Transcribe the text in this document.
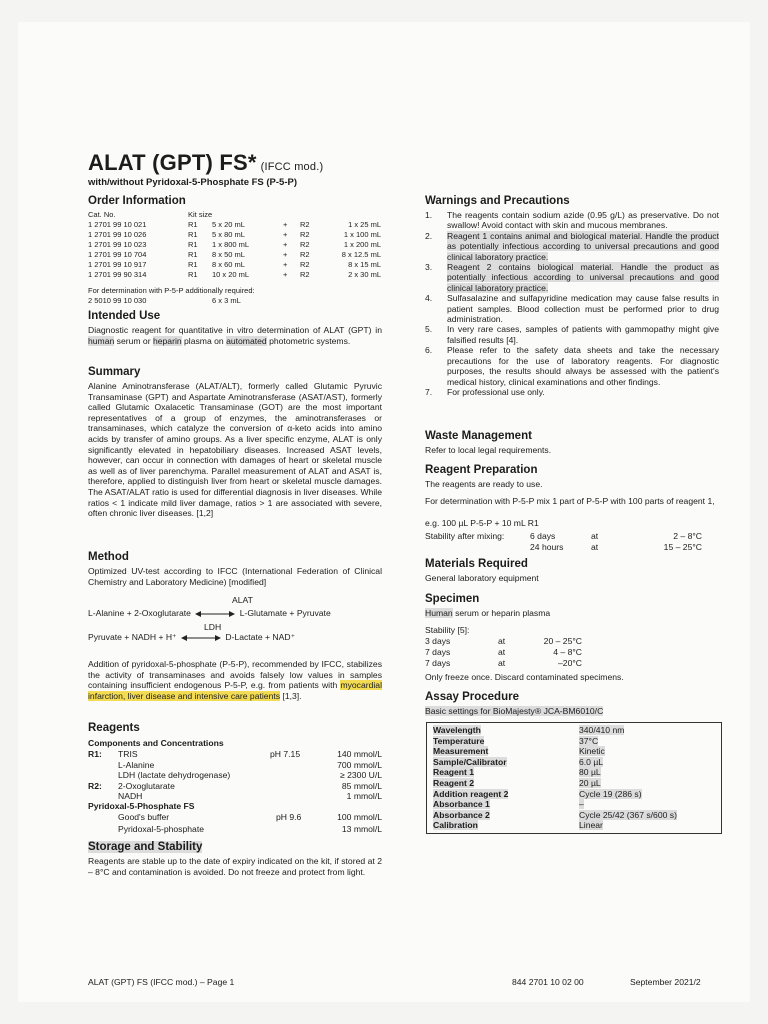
ALAT (GPT) FS* (IFCC mod.)
with/without Pyridoxal-5-Phosphate FS (P-5-P)
Order Information
Cat. No.	Kit size
1 2701 99 10 021	R1 5 x 20 mL	+ R2	1 x 25 mL
1 2701 99 10 026	R1 5 x 80 mL	+ R2	1 x 100 mL
1 2701 99 10 023	R1 1 x 800 mL	+ R2	1 x 200 mL
1 2701 99 10 704	R1 8 x 50 mL	+ R2	8 x 12.5 mL
1 2701 99 10 917	R1 8 x 60 mL	+ R2	8 x 15 mL
1 2701 99 90 314	R1 10 x 20 mL	+ R2	2 x 30 mL
For determination with P-5-P additionally required:
2 5010 99 10 030	6 x 3 mL
Intended Use
Diagnostic reagent for quantitative in vitro determination of ALAT (GPT) in human serum or heparin plasma on automated photometric systems.
Summary
Alanine Aminotransferase (ALAT/ALT), formerly called Glutamic Pyruvic Transaminase (GPT) and Aspartate Aminotransferase (ASAT/AST), formerly called Glutamic Oxalacetic Transaminase (GOT) are the most important representatives of a group of enzymes, the aminotransferases or transaminases, which catalyze the conversion of α-keto acids into amino acids by transfer of amino groups. As a liver specific enzyme, ALAT is only significantly elevated in hepatobiliary diseases. Increased ASAT levels, however, can occur in connection with damages of heart or skeletal muscle as well as of liver parenchyma. Parallel measurement of ALAT and ASAT is, therefore, applied to distinguish liver from heart or skeletal muscle damages. The ASAT/ALAT ratio is used for differential diagnosis in liver diseases. While ratios < 1 indicate mild liver damage, ratios > 1 are associated with severe, often chronic liver diseases. [1,2]
Method
Optimized UV-test according to IFCC (International Federation of Clinical Chemistry and Laboratory Medicine) [modified]
ALAT
L-Alanine + 2-Oxoglutarate	L-Glutamate + Pyruvate
LDH
Pyruvate + NADH + H⁺	D-Lactate + NAD⁺
Addition of pyridoxal-5-phosphate (P-5-P), recommended by IFCC, stabilizes the activity of transaminases and avoids falsely low values in samples containing insufficient endogenous P-5-P, e.g. from patients with myocardial infarction, liver disease and intensive care patients [1,3].
Reagents
Components and Concentrations
R1: TRIS	pH 7.15	140 mmol/L
L-Alanine	700 mmol/L
LDH (lactate dehydrogenase)	≥ 2300 U/L
R2: 2-Oxoglutarate	85 mmol/L
NADH	1 mmol/L
Pyridoxal-5-Phosphate FS
Good's buffer	pH 9.6	100 mmol/L
Pyridoxal-5-phosphate	13 mmol/L
Storage and Stability
Reagents are stable up to the date of expiry indicated on the kit, if stored at 2 – 8°C and contamination is avoided. Do not freeze and protect from light.
Warnings and Precautions
1. The reagents contain sodium azide (0.95 g/L) as preservative. Do not swallow! Avoid contact with skin and mucous membranes.
2. Reagent 1 contains animal and biological material. Handle the product as potentially infectious according to universal precautions and good clinical laboratory practice.
3. Reagent 2 contains biological material. Handle the product as potentially infectious according to universal precautions and good clinical laboratory practice.
4. Sulfasalazine and sulfapyridine medication may cause false results in patient samples. Blood collection must be performed prior to drug administration.
5. In very rare cases, samples of patients with gammopathy might give falsified results [4].
6. Please refer to the safety data sheets and take the necessary precautions for the use of laboratory reagents. For diagnostic purposes, the results should always be assessed with the patient's medical history, clinical examinations and other findings.
7. For professional use only.
Waste Management
Refer to local legal requirements.
Reagent Preparation
The reagents are ready to use.
For determination with P-5-P mix 1 part of P-5-P with 100 parts of reagent 1,
e.g. 100 µL P-5-P + 10 mL R1
Stability after mixing:	6 days	at	2 – 8°C
24 hours	at	15 – 25°C
Materials Required
General laboratory equipment
Specimen
Human serum or heparin plasma
Stability [5]:
3 days	at	20 – 25°C
7 days	at	4 – 8°C
7 days	at	–20°C
Only freeze once. Discard contaminated specimens.
Assay Procedure
Basic settings for BioMajesty® JCA-BM6010/C
Wavelength	340/410 nm
Temperature	37°C
Measurement	Kinetic
Sample/Calibrator	6.0 µL
Reagent 1	80 µL
Reagent 2	20 µL
Addition reagent 2	Cycle 19 (286 s)
Absorbance 1	–
Absorbance 2	Cycle 25/42 (367 s/600 s)
Calibration	Linear
ALAT (GPT) FS (IFCC mod.) – Page 1	844 2701 10 02 00	September 2021/2
